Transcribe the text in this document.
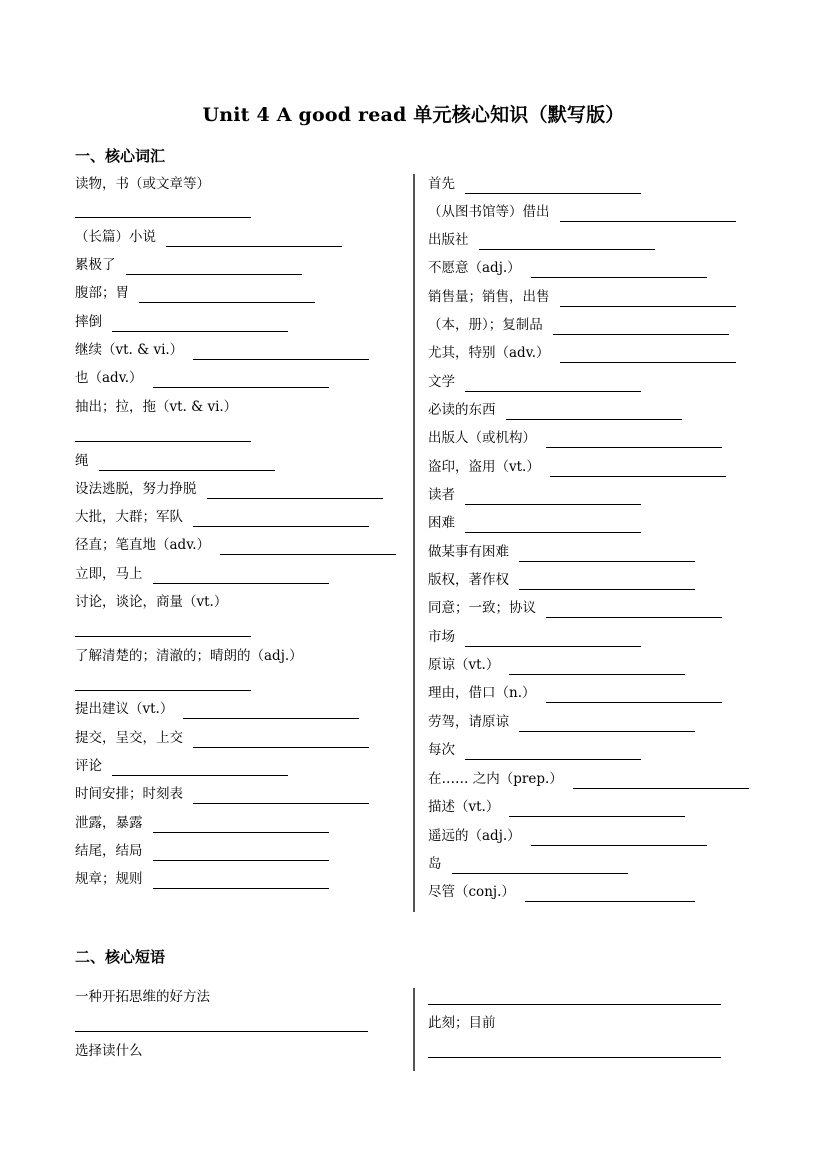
Unit 4 A good read 单元核心知识（默写版）
一、核心词汇
读物，书（或文章等）
（长篇）小说
累极了
腹部；胃
摔倒
继续（vt. & vi.）
也（adv.）
抽出；拉，拖（vt. & vi.）
绳
设法逃脱，努力挣脱
大批，大群；军队
径直；笔直地（adv.）
立即，马上
讨论，谈论，商量（vt.）
了解清楚的；清澈的；晴朗的（adj.）
提出建议（vt.）
提交，呈交，上交
评论
时间安排；时刻表
泄露，暴露
结尾，结局
规章；规则
首先
（从图书馆等）借出
出版社
不愿意（adj.）
销售量；销售，出售
（本，册）；复制品
尤其，特别（adv.）
文学
必读的东西
出版人（或机构）
盗印，盗用（vt.）
读者
困难
做某事有困难
版权，著作权
同意；一致；协议
市场
原谅（vt.）
理由，借口（n.）
劳驾，请原谅
每次
在…… 之内（prep.）
描述（vt.）
遥远的（adj.）
岛
尽管（conj.）
二、核心短语
一种开拓思维的好方法
选择读什么
此刻；目前
